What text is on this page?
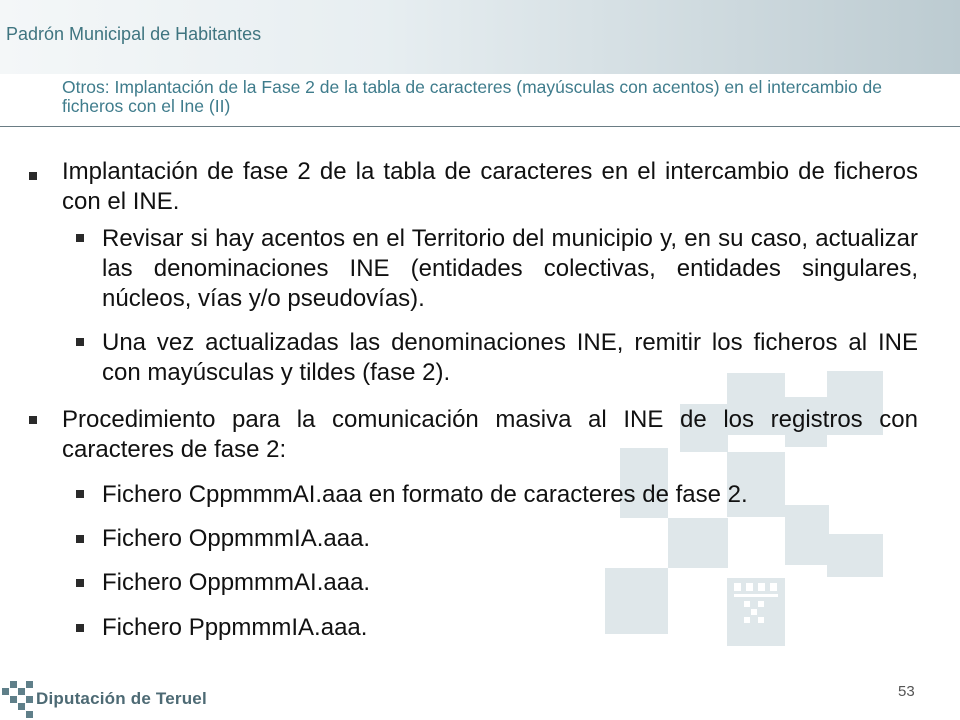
Padrón Municipal de Habitantes
Otros: Implantación de la Fase 2 de la tabla de caracteres (mayúsculas con acentos) en el intercambio de ficheros con el Ine (II)
Implantación de fase 2 de la tabla de caracteres en el intercambio de ficheros con el INE.
Revisar si hay acentos en el Territorio del municipio y, en su caso, actualizar las denominaciones INE (entidades colectivas, entidades singulares, núcleos, vías y/o pseudovías).
Una vez actualizadas las denominaciones INE, remitir los ficheros al INE con mayúsculas y tildes (fase 2).
Procedimiento para la comunicación masiva al INE de los registros con caracteres de fase 2:
Fichero CppmmmAI.aaa en formato de caracteres de fase 2.
Fichero OppmmmIA.aaa.
Fichero OppmmmAI.aaa.
Fichero PppmmmIA.aaa.
Diputación de Teruel	53
